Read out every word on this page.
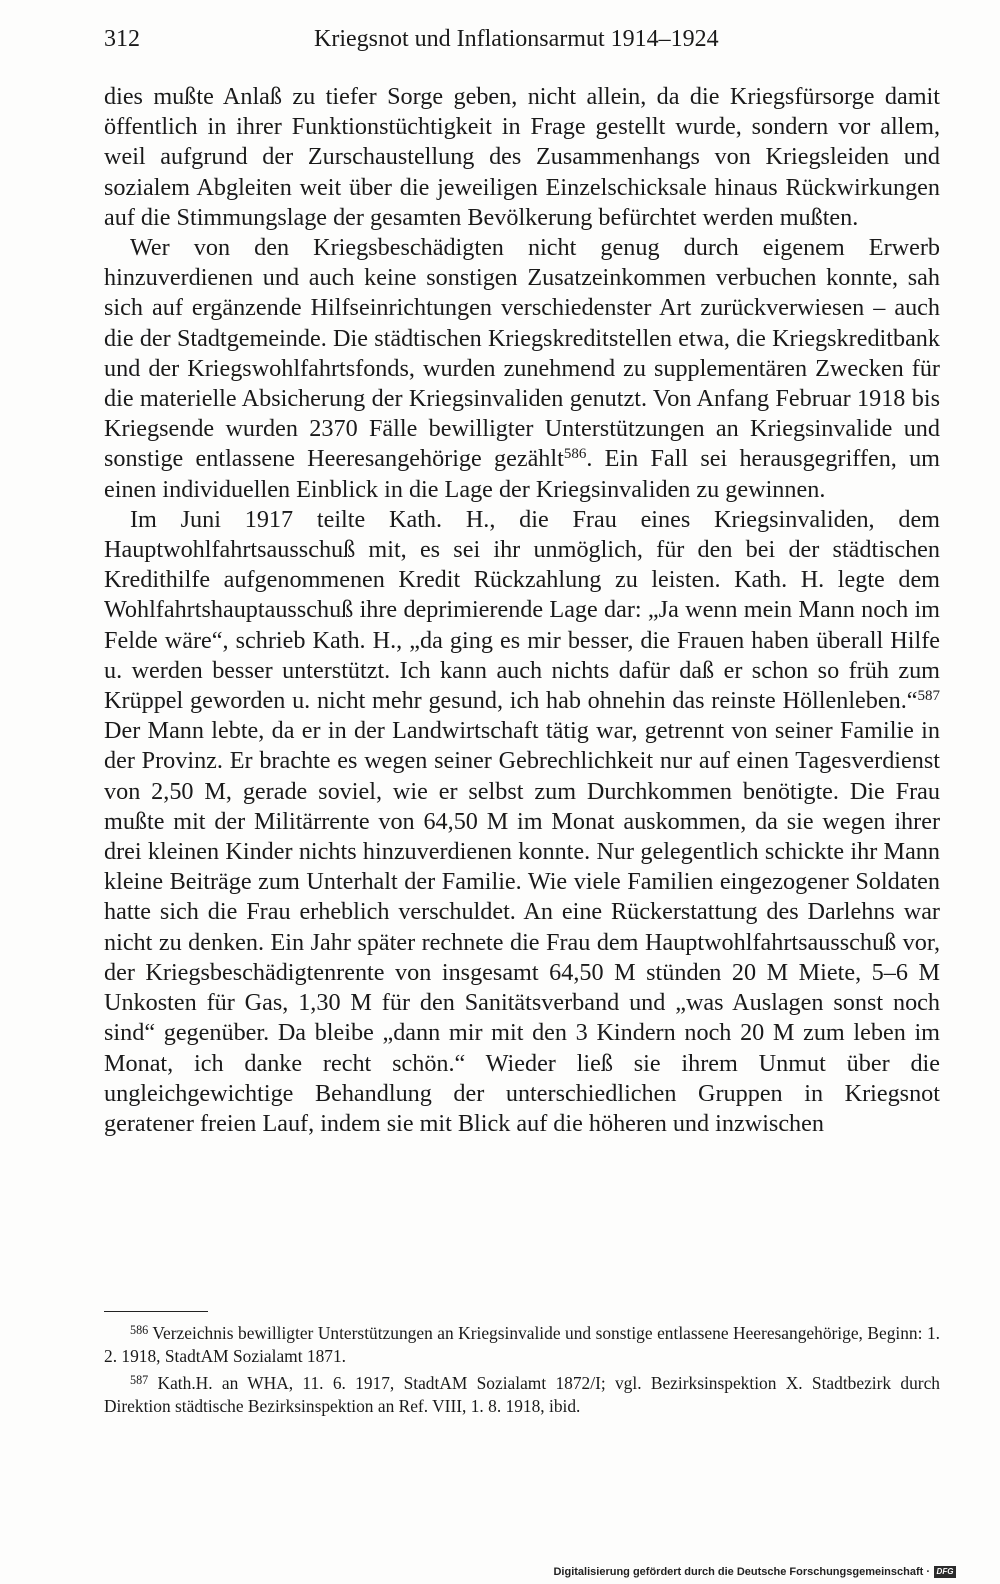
312	Kriegsnot und Inflationsarmut 1914–1924

dies mußte Anlaß zu tiefer Sorge geben, nicht allein, da die Kriegsfürsorge damit öffentlich in ihrer Funktionstüchtigkeit in Frage gestellt wurde, sondern vor allem, weil aufgrund der Zurschaustellung des Zusammenhangs von Kriegsleiden und sozialem Abgleiten weit über die jeweiligen Einzelschicksale hinaus Rückwirkungen auf die Stimmungslage der gesamten Bevölkerung befürchtet werden mußten.

Wer von den Kriegsbeschädigten nicht genug durch eigenem Erwerb hinzuverdienen und auch keine sonstigen Zusatzeinkommen verbuchen konnte, sah sich auf ergänzende Hilfseinrichtungen verschiedenster Art zurückverwiesen – auch die der Stadtgemeinde. Die städtischen Kriegskreditstellen etwa, die Kriegskreditbank und der Kriegswohlfahrtsfonds, wurden zunehmend zu supplementären Zwecken für die materielle Absicherung der Kriegsinvaliden genutzt. Von Anfang Februar 1918 bis Kriegsende wurden 2370 Fälle bewilligter Unterstützungen an Kriegsinvalide und sonstige entlassene Heeresangehörige gezählt$^{586}$. Ein Fall sei herausgegriffen, um einen individuellen Einblick in die Lage der Kriegsinvaliden zu gewinnen.

Im Juni 1917 teilte Kath. H., die Frau eines Kriegsinvaliden, dem Hauptwohlfahrtsausschuß mit, es sei ihr unmöglich, für den bei der städtischen Kredithilfe aufgenommenen Kredit Rückzahlung zu leisten. Kath. H. legte dem Wohlfahrtshauptausschuß ihre deprimierende Lage dar: „Ja wenn mein Mann noch im Felde wäre“, schrieb Kath. H., „da ging es mir besser, die Frauen haben überall Hilfe u. werden besser unterstützt. Ich kann auch nichts dafür daß er schon so früh zum Krüppel geworden u. nicht mehr gesund, ich hab ohnehin das reinste Höllenleben.“$^{587}$ Der Mann lebte, da er in der Landwirtschaft tätig war, getrennt von seiner Familie in der Provinz. Er brachte es wegen seiner Gebrechlichkeit nur auf einen Tagesverdienst von 2,50 M, gerade soviel, wie er selbst zum Durchkommen benötigte. Die Frau mußte mit der Militärrente von 64,50 M im Monat auskommen, da sie wegen ihrer drei kleinen Kinder nichts hinzuverdienen konnte. Nur gelegentlich schickte ihr Mann kleine Beiträge zum Unterhalt der Familie. Wie viele Familien eingezogener Soldaten hatte sich die Frau erheblich verschuldet. An eine Rückerstattung des Darlehns war nicht zu denken. Ein Jahr später rechnete die Frau dem Hauptwohlfahrtsausschuß vor, der Kriegsbeschädigtenrente von insgesamt 64,50 M stünden 20 M Miete, 5–6 M Unkosten für Gas, 1,30 M für den Sanitätsverband und „was Auslagen sonst noch sind“ gegenüber. Da bleibe „dann mir mit den 3 Kindern noch 20 M zum leben im Monat, ich danke recht schön.“ Wieder ließ sie ihrem Unmut über die ungleichgewichtige Behandlung der unterschiedlichen Gruppen in Kriegsnot geratener freien Lauf, indem sie mit Blick auf die höheren und inzwischen

$^{586}$ Verzeichnis bewilligter Unterstützungen an Kriegsinvalide und sonstige entlassene Heeresangehörige, Beginn: 1. 2. 1918, StadtAM Sozialamt 1871.

$^{587}$ Kath.H. an WHA, 11. 6. 1917, StadtAM Sozialamt 1872/I; vgl. Bezirksinspektion X. Stadtbezirk durch Direktion städtische Bezirksinspektion an Ref. VIII, 1. 8. 1918, ibid.

Digitalisierung gefördert durch die Deutsche Forschungsgemeinschaft · DFG
